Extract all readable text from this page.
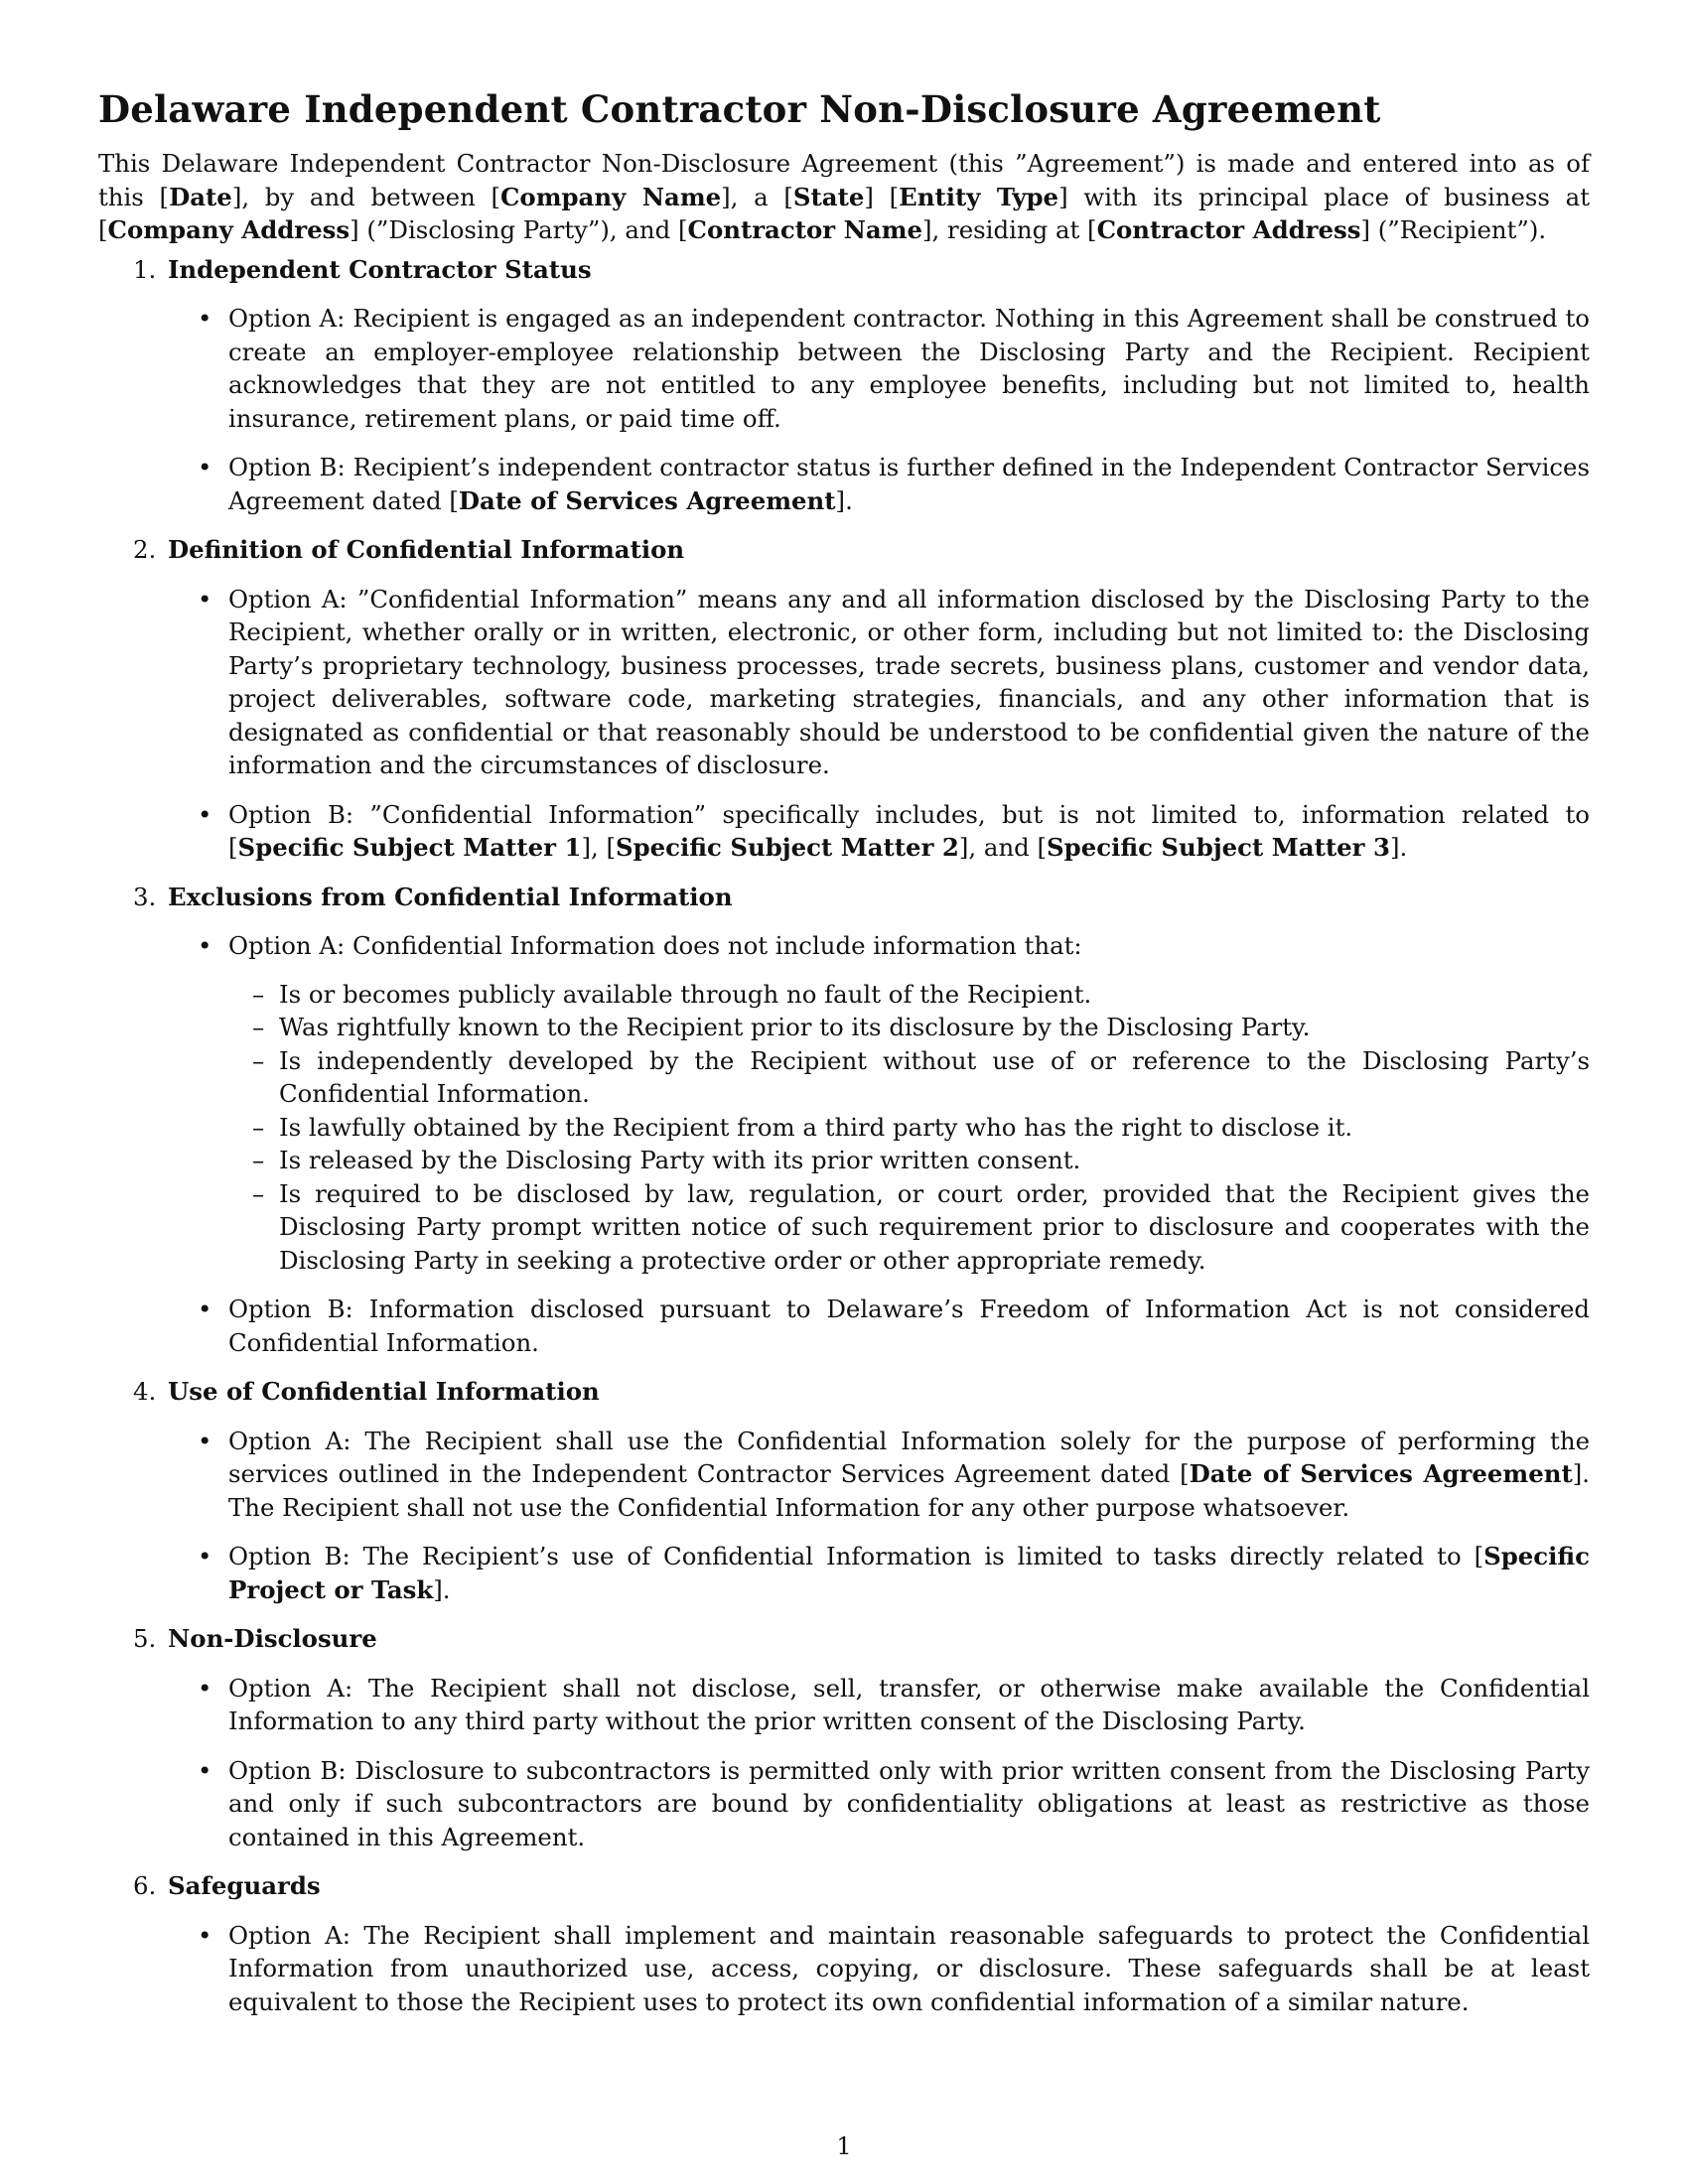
Delaware Independent Contractor Non-Disclosure Agreement

This Delaware Independent Contractor Non-Disclosure Agreement (this ”Agreement”) is made and entered into as of this [Date], by and between [Company Name], a [State] [Entity Type] with its principal place of business at [Company Address] (”Disclosing Party”), and [Contractor Name], residing at [Contractor Address] (”Recipient”).

1. Independent Contractor Status
• Option A: Recipient is engaged as an independent contractor. Nothing in this Agreement shall be construed to create an employer-employee relationship between the Disclosing Party and the Recipient. Recipient acknowledges that they are not entitled to any employee benefits, including but not limited to, health insurance, retirement plans, or paid time off.
• Option B: Recipient’s independent contractor status is further defined in the Independent Contractor Services Agreement dated [Date of Services Agreement].
2. Definition of Confidential Information
• Option A: ”Confidential Information” means any and all information disclosed by the Disclosing Party to the Recipient, whether orally or in written, electronic, or other form, including but not limited to: the Disclosing Party’s proprietary technology, business processes, trade secrets, business plans, customer and vendor data, project deliverables, software code, marketing strategies, financials, and any other information that is designated as confidential or that reasonably should be understood to be confidential given the nature of the information and the circumstances of disclosure.
• Option B: ”Confidential Information” specifically includes, but is not limited to, information related to [Specific Subject Matter 1], [Specific Subject Matter 2], and [Specific Subject Matter 3].
3. Exclusions from Confidential Information
• Option A: Confidential Information does not include information that:
– Is or becomes publicly available through no fault of the Recipient.
– Was rightfully known to the Recipient prior to its disclosure by the Disclosing Party.
– Is independently developed by the Recipient without use of or reference to the Disclosing Party’s Confidential Information.
– Is lawfully obtained by the Recipient from a third party who has the right to disclose it.
– Is released by the Disclosing Party with its prior written consent.
– Is required to be disclosed by law, regulation, or court order, provided that the Recipient gives the Disclosing Party prompt written notice of such requirement prior to disclosure and cooperates with the Disclosing Party in seeking a protective order or other appropriate remedy.
• Option B: Information disclosed pursuant to Delaware’s Freedom of Information Act is not considered Confidential Information.
4. Use of Confidential Information
• Option A: The Recipient shall use the Confidential Information solely for the purpose of performing the services outlined in the Independent Contractor Services Agreement dated [Date of Services Agreement]. The Recipient shall not use the Confidential Information for any other purpose whatsoever.
• Option B: The Recipient’s use of Confidential Information is limited to tasks directly related to [Specific Project or Task].
5. Non-Disclosure
• Option A: The Recipient shall not disclose, sell, transfer, or otherwise make available the Confidential Information to any third party without the prior written consent of the Disclosing Party.
• Option B: Disclosure to subcontractors is permitted only with prior written consent from the Disclosing Party and only if such subcontractors are bound by confidentiality obligations at least as restrictive as those contained in this Agreement.
6. Safeguards
• Option A: The Recipient shall implement and maintain reasonable safeguards to protect the Confidential Information from unauthorized use, access, copying, or disclosure. These safeguards shall be at least equivalent to those the Recipient uses to protect its own confidential information of a similar nature.
1
